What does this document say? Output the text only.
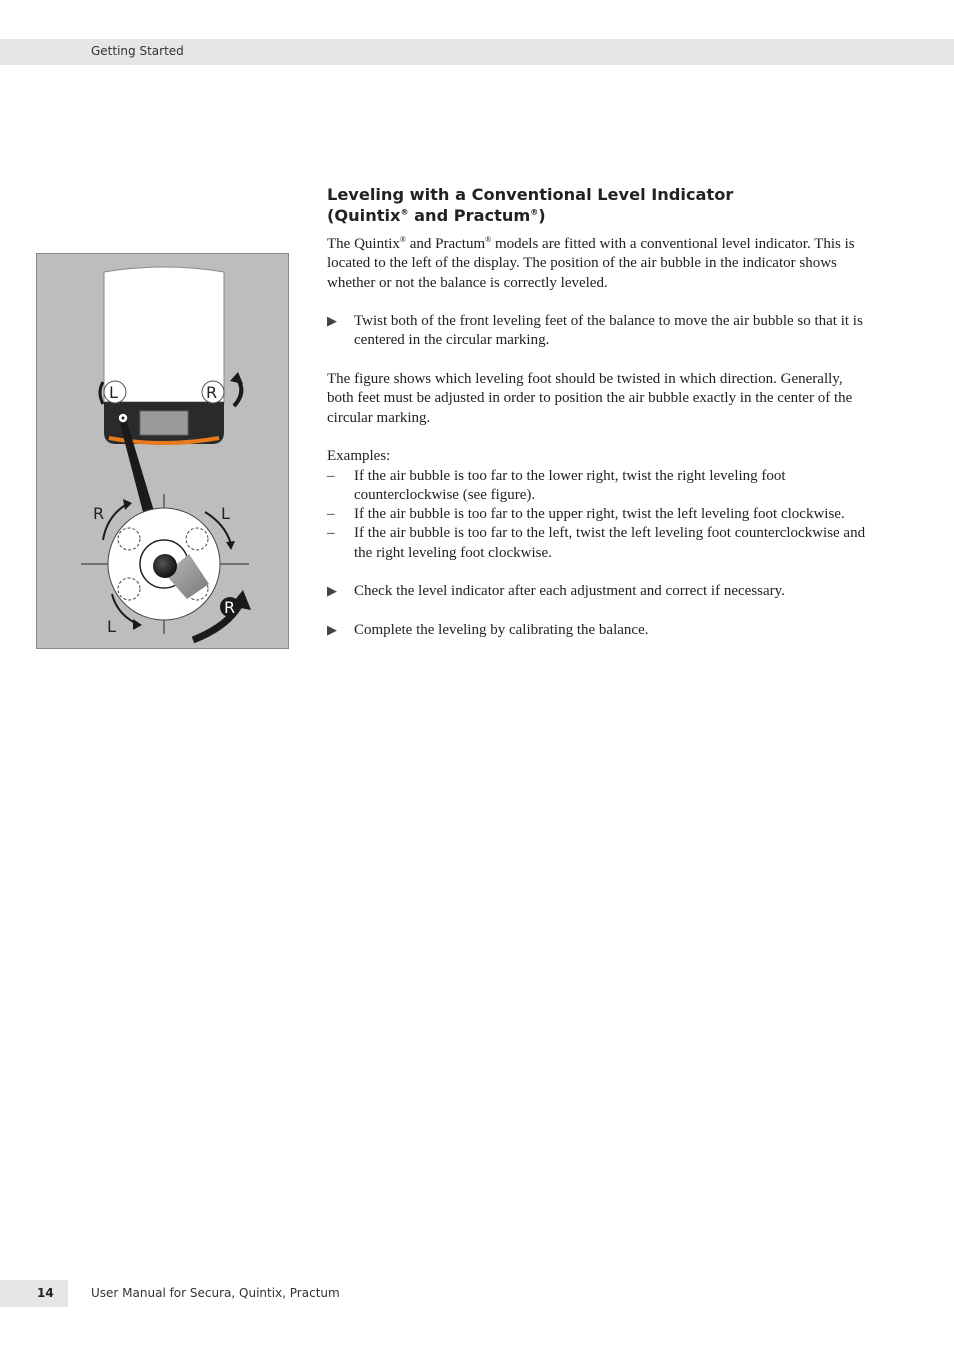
Getting Started
L	R
R	L
L
R
Leveling with a Conventional Level Indicator
(Quintix® and Practum®)

The Quintix® and Practum® models are fitted with a conventional level indicator. This is located to the left of the display. The position of the air bubble in the indicator shows whether or not the balance is correctly leveled.

▶ Twist both of the front leveling feet of the balance to move the air bubble so that it is centered in the circular marking.

The figure shows which leveling foot should be twisted in which direction. Generally, both feet must be adjusted in order to position the air bubble exactly in the center of the circular marking.

Examples:
– If the air bubble is too far to the lower right, twist the right leveling foot counterclockwise (see figure).
– If the air bubble is too far to the upper right, twist the left leveling foot clockwise.
– If the air bubble is too far to the left, twist the left leveling foot counterclockwise and the right leveling foot clockwise.
▶ Check the level indicator after each adjustment and correct if necessary.
▶ Complete the leveling by calibrating the balance.
14	User Manual for Secura, Quintix, Practum
